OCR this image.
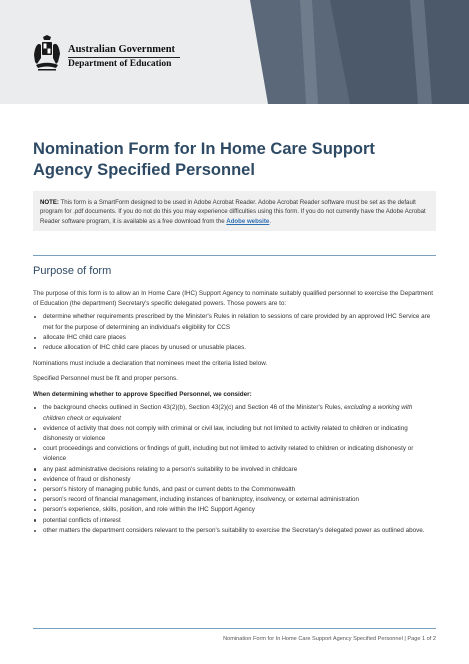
Australian Government
Department of Education
Nomination Form for In Home Care Support Agency Specified Personnel
NOTE: This form is a SmartForm designed to be used in Adobe Acrobat Reader. Adobe Acrobat Reader software must be set as the default program for .pdf documents. If you do not do this you may experience difficulties using this form. If you do not currently have the Adobe Acrobat Reader software program, it is available as a free download from the Adobe website.
Purpose of form

The purpose of this form is to allow an In Home Care (IHC) Support Agency to nominate suitably qualified personnel to exercise the Department of Education (the department) Secretary's specific delegated powers. Those powers are to:

determine whether requirements prescribed by the Minister's Rules in relation to sessions of care provided by an approved IHC Service are met for the purpose of determining an individual's eligibility for CCS
allocate IHC child care places
reduce allocation of IHC child care places by unused or unusable places.

Nominations must include a declaration that nominees meet the criteria listed below.

Specified Personnel must be fit and proper persons.

When determining whether to approve Specified Personnel, we consider:

the background checks outlined in Section 43(2)(b), Section 43(2)(c) and Section 46 of the Minister's Rules, excluding a working with children check or equivalent
evidence of activity that does not comply with criminal or civil law, including but not limited to activity related to children or indicating dishonesty or violence
court proceedings and convictions or findings of guilt, including but not limited to activity related to children or indicating dishonesty or violence
any past administrative decisions relating to a person's suitability to be involved in childcare
evidence of fraud or dishonesty
person's history of managing public funds, and past or current debts to the Commonwealth
person's record of financial management, including instances of bankruptcy, insolvency, or external administration
person's experience, skills, position, and role within the IHC Support Agency
potential conflicts of interest
other matters the department considers relevant to the person's suitability to exercise the Secretary's delegated power as outlined above.
Nomination Form for In Home Care Support Agency Specified Personnel | Page 1 of 2
